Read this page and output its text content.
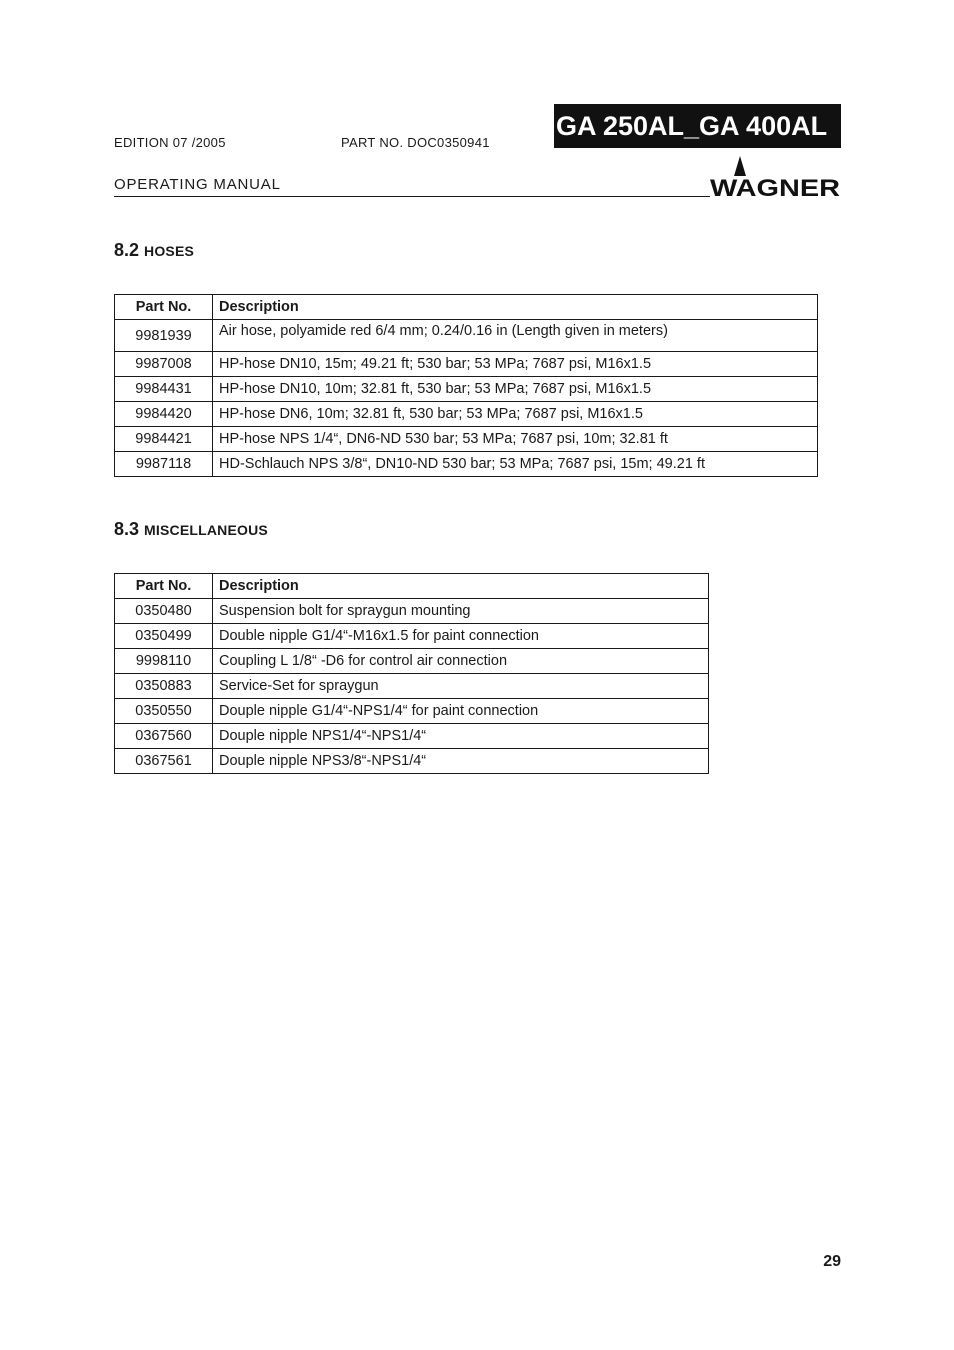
EDITION 07 /2005	PART NO. DOC0350941
GA 250AL_GA 400AL
OPERATING MANUAL	WAGNER
8.2 HOSES
Part No.	Description
9981939	Air hose, polyamide red 6/4 mm; 0.24/0.16 in (Length given in meters)
9987008	HP-hose DN10, 15m; 49.21 ft; 530 bar; 53 MPa; 7687 psi, M16x1.5
9984431	HP-hose DN10, 10m; 32.81 ft, 530 bar; 53 MPa; 7687 psi, M16x1.5
9984420	HP-hose DN6, 10m; 32.81 ft, 530 bar; 53 MPa; 7687 psi, M16x1.5
9984421	HP-hose NPS 1/4“, DN6-ND 530 bar; 53 MPa; 7687 psi, 10m; 32.81 ft
9987118	HD-Schlauch NPS 3/8“, DN10-ND 530 bar; 53 MPa; 7687 psi, 15m; 49.21 ft
8.3 MISCELLANEOUS
Part No.	Description
0350480	Suspension bolt for spraygun mounting
0350499	Double nipple G1/4“-M16x1.5 for paint connection
9998110	Coupling L 1/8“ -D6 for control air connection
0350883	Service-Set for spraygun
0350550	Douple nipple G1/4“-NPS1/4“ for paint connection
0367560	Douple nipple NPS1/4“-NPS1/4“
0367561	Douple nipple NPS3/8“-NPS1/4“
29
